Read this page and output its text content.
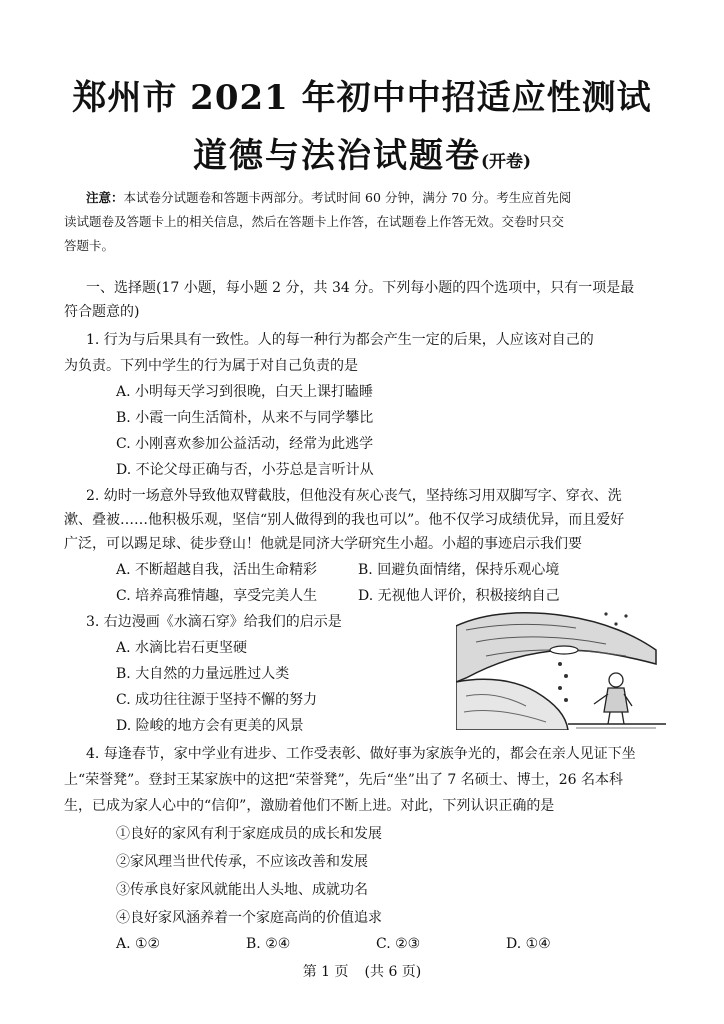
郑州市 2021 年初中中招适应性测试
道德与法治试题卷(开卷)
注意：本试卷分试题卷和答题卡两部分。考试时间 60 分钟，满分 70 分。考生应首先阅
读试题卷及答题卡上的相关信息，然后在答题卡上作答，在试题卷上作答无效。交卷时只交
答题卡。
一、选择题(17 小题，每小题 2 分，共 34 分。下列每小题的四个选项中，只有一项是最
符合题意的)
1. 行为与后果具有一致性。人的每一种行为都会产生一定的后果，人应该对自己的
为负责。下列中学生的行为属于对自己负责的是
A. 小明每天学习到很晚，白天上课打瞌睡
B. 小霞一向生活简朴，从来不与同学攀比
C. 小刚喜欢参加公益活动，经常为此逃学
D. 不论父母正确与否，小芬总是言听计从
2. 幼时一场意外导致他双臂截肢，但他没有灰心丧气，坚持练习用双脚写字、穿衣、洗
漱、叠被……他积极乐观，坚信“别人做得到的我也可以”。他不仅学习成绩优异，而且爱好
广泛，可以踢足球、徒步登山！他就是同济大学研究生小超。小超的事迹启示我们要
A. 不断超越自我，活出生命精彩	B. 回避负面情绪，保持乐观心境
C. 培养高雅情趣，享受完美人生	D. 无视他人评价，积极接纳自己
3. 右边漫画《水滴石穿》给我们的启示是
A. 水滴比岩石更坚硬
B. 大自然的力量远胜过人类
C. 成功往往源于坚持不懈的努力
D. 险峻的地方会有更美的风景
4. 每逢春节，家中学业有进步、工作受表彰、做好事为家族争光的，都会在亲人见证下坐
上“荣誉凳”。登封王某家族中的这把“荣誉凳”，先后“坐”出了 7 名硕士、博士，26 名本科
生，已成为家人心中的“信仰”，激励着他们不断上进。对此，下列认识正确的是
①良好的家风有利于家庭成员的成长和发展
②家风理当世代传承，不应该改善和发展
③传承良好家风就能出人头地、成就功名
④良好家风涵养着一个家庭高尚的价值追求
A. ①②	B. ②④	C. ②③	D. ①④
第 1 页 (共 6 页)
